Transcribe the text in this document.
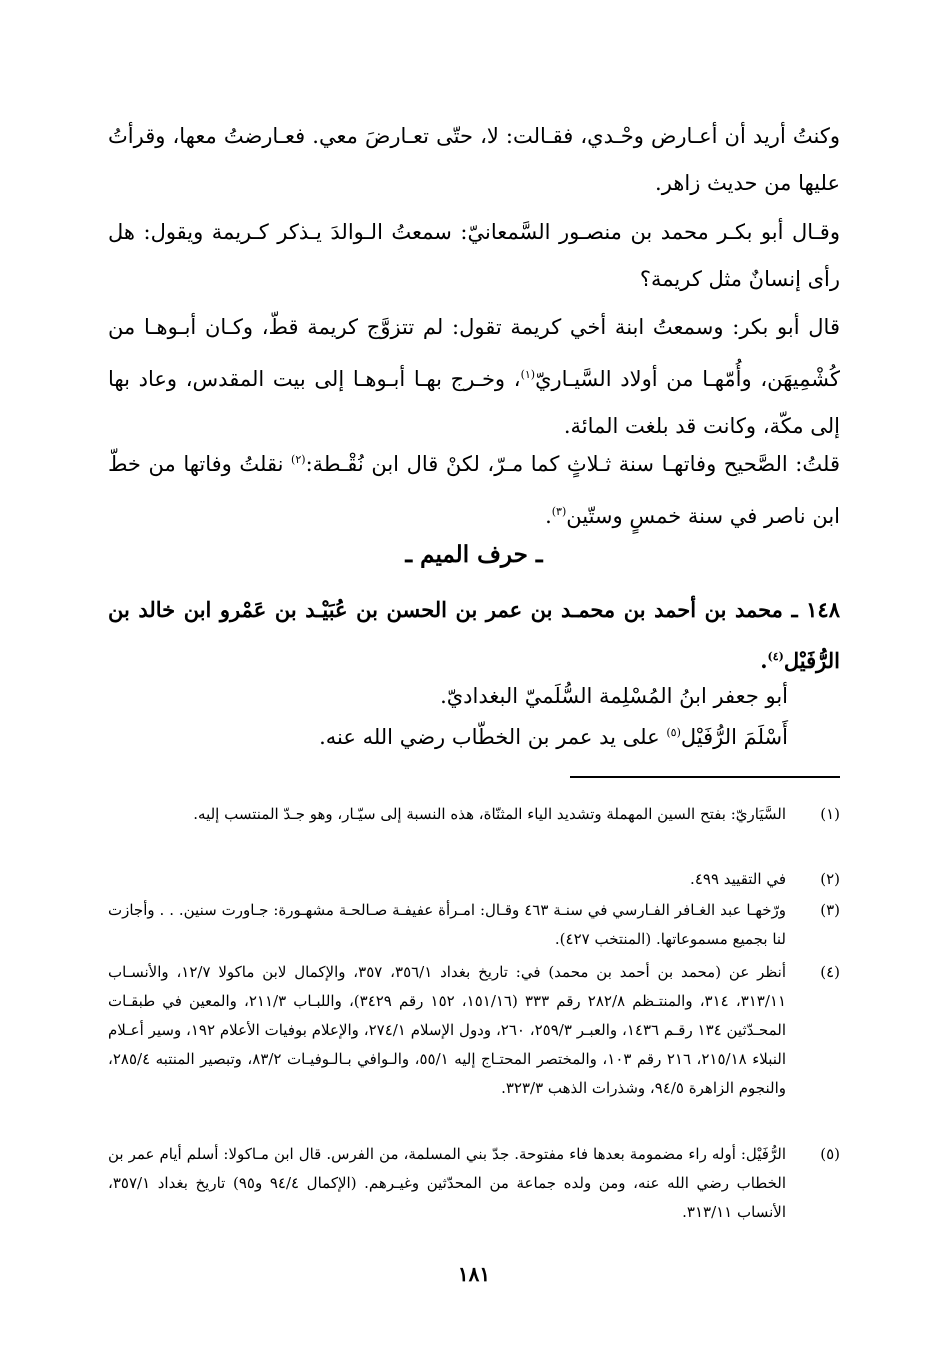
وكنتُ أريد أن أعـارض وحْـدي، فقـالت: لا، حتّى تعـارضَ معي. فعـارضتُ معها، وقرأتُ عليها من حديث زاهر.

وقـال أبو بكـر محمد بن منصـور السَّمعانيّ: سمعتُ الـوالدَ يـذكر كـريمة ويقول: هل رأى إنسانٌ مثل كريمة؟

قال أبو بكر: وسمعتُ ابنة أخي كريمة تقول: لم تتزوَّج كريمة قطّ، وكـان أبـوهـا من كُشْمِيهَن، وأُمّهـا من أولاد السَّيـاريّ$^{(١)}$، وخـرج بهـا أبـوهـا إلى بيت المقدس، وعاد بها إلى مكّة، وكانت قد بلغت المائة.

قلتُ: الصَّحيح وفاتهـا سنة ثـلاثٍ كما مـرّ، لكنْ قال ابن نُقْـطة:$^{(٢)}$ نقلتُ وفاتها من خطّ ابن ناصر في سنة خمسٍ وستّين$^{(٣)}$.

ـ حرف الميم ـ

١٤٨ ـ محمد بن أحمد بن محمـد بن عمر بن الحسن بن عُبَيْـد بن عَمْرو ابن خالد بن الرُّفَيْل$^{(٤)}$.

أبو جعفر ابنُ المُسْلِمة السُّلَميّ البغداديّ.
أَسْلَمَ الرُّفَيْل$^{(٥)}$ على يد عمر بن الخطّاب رضي الله عنه.
(١)
السَّيَاريّ: بفتح السين المهملة وتشديد الياء المثنّاة، هذه النسبة إلى سيّـار، وهو جـدّ المنتسب إليه.
(٢)
في التقييد ٤٩٩.
(٣)
ورّخهـا عبد الغـافر الفـارسي في سنـة ٤٦٣ وقـال: امـرأة عفيفـة صـالحـة مشهـورة: جـاورت سنين. . . وأجازت لنا بجميع مسموعاتها. (المنتخب ٤٢٧).
(٤)
أنظر عن (محمد بن أحمد بن محمد) في: تاريخ بغداد ٣٥٦/١، ٣٥٧، والإكمال لابن ماكولا ١٢/٧، والأنسـاب ٣١٣/١١، ٣١٤، والمنتـظم ٢٨٢/٨ رقم ٣٣٣ (١٥١/١٦، ١٥٢ رقم ٣٤٢٩)، واللبـاب ٢١١/٣، والمعين في طبقـات المحـدّثين ١٣٤ رقـم ١٤٣٦، والعبـر ٢٥٩/٣، ٢٦٠، ودول الإسلام ٢٧٤/١، والإعلام بوفيات الأعلام ١٩٢، وسير أعـلام النبلاء ٢١٥/١٨، ٢١٦ رقم ١٠٣، والمختصر المحتـاج إليه ٥٥/١، والـوافي بـالـوفيـات ٨٣/٢، وتبصير المنتبه ٢٨٥/٤، والنجوم الزاهرة ٩٤/٥، وشذرات الذهب ٣٢٣/٣.
(٥)
الرُّفَيْل: أوله راء مضمومة بعدها فاء مفتوحة. جدّ بني المسلمة، من الفرس. قال ابن مـاكولا: أسلم أيام عمر بن الخطاب رضي الله عنه، ومن ولده جماعة من المحدّثين وغيـرهم. (الإكمال ٩٤/٤ و٩٥) تاريخ بغداد ٣٥٧/١، الأنساب ٣١٣/١١.
١٨١
